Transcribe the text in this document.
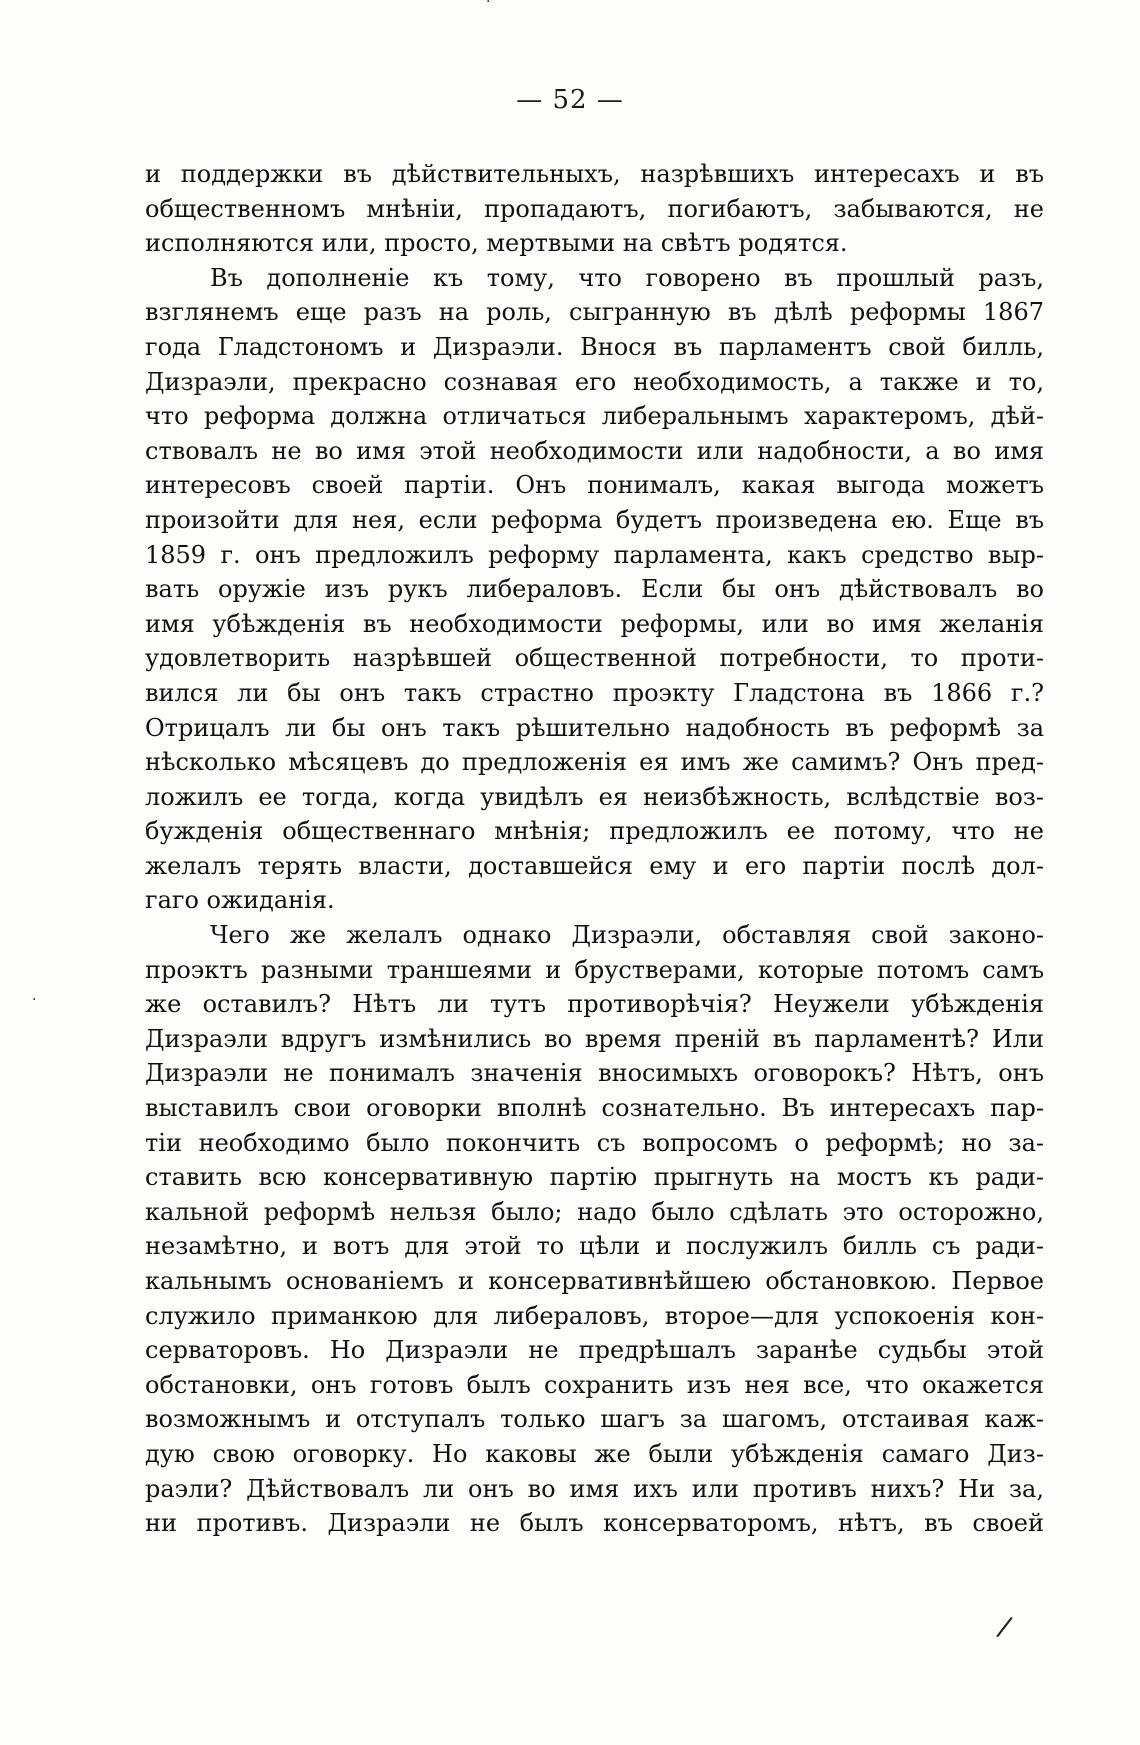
·
— 52 —
и поддержки въ дѣйствительныхъ, назрѣвшихъ интересахъ и въ
общественномъ мнѣніи, пропадаютъ, погибаютъ, забываются, не
исполняются или, просто, мертвыми на свѣтъ родятся.
Въ дополненіе къ тому, что говорено въ прошлый разъ,
взглянемъ еще разъ на роль, сыгранную въ дѣлѣ реформы 1867
года Гладстономъ и Дизраэли. Внося въ парламентъ свой билль,
Дизраэли, прекрасно сознавая его необходимость, а также и то,
что реформа должна отличаться либеральнымъ характеромъ, дѣй-
ствовалъ не во имя этой необходимости или надобности, а во имя
интересовъ своей партіи. Онъ понималъ, какая выгода можетъ
произойти для нея, если реформа будетъ произведена ею. Еще въ
1859 г. онъ предложилъ реформу парламента, какъ средство выр-
вать оружіе изъ рукъ либераловъ. Если бы онъ дѣйствовалъ во
имя убѣжденія въ необходимости реформы, или во имя желанія
удовлетворить назрѣвшей общественной потребности, то проти-
вился ли бы онъ такъ страстно проэкту Гладстона въ 1866 г.?
Отрицалъ ли бы онъ такъ рѣшительно надобность въ реформѣ за
нѣсколько мѣсяцевъ до предложенія ея имъ же самимъ? Онъ пред-
ложилъ ее тогда, когда увидѣлъ ея неизбѣжность, вслѣдствіе воз-
бужденія общественнаго мнѣнія; предложилъ ее потому, что не
желалъ терять власти, доставшейся ему и его партіи послѣ дол-
гаго ожиданія.
Чего же желалъ однако Дизраэли, обставляя свой законо-
проэктъ разными траншеями и брустверами, которые потомъ самъ
же оставилъ? Нѣтъ ли тутъ противорѣчія? Неужели убѣжденія
Дизраэли вдругъ измѣнились во время преній въ парламентѣ? Или
Дизраэли не понималъ значенія вносимыхъ оговорокъ? Нѣтъ, онъ
выставилъ свои оговорки вполнѣ сознательно. Въ интересахъ пар-
тіи необходимо было покончить съ вопросомъ о реформѣ; но за-
ставить всю консервативную партію прыгнуть на мостъ къ ради-
кальной реформѣ нельзя было; надо было сдѣлать это осторожно,
незамѣтно, и вотъ для этой то цѣли и послужилъ билль съ ради-
кальнымъ основаніемъ и консервативнѣйшею обстановкою. Первое
служило приманкою для либераловъ, второе—для успокоенія кон-
серваторовъ. Но Дизраэли не предрѣшалъ заранѣе судьбы этой
обстановки, онъ готовъ былъ сохранить изъ нея все, что окажется
возможнымъ и отступалъ только шагъ за шагомъ, отстаивая каж-
дую свою оговорку. Но каковы же были убѣжденія самаго Диз-
раэли? Дѣйствовалъ ли онъ во имя ихъ или противъ нихъ? Ни за,
ни противъ. Дизраэли не былъ консерваторомъ, нѣтъ, въ своей
·
/
